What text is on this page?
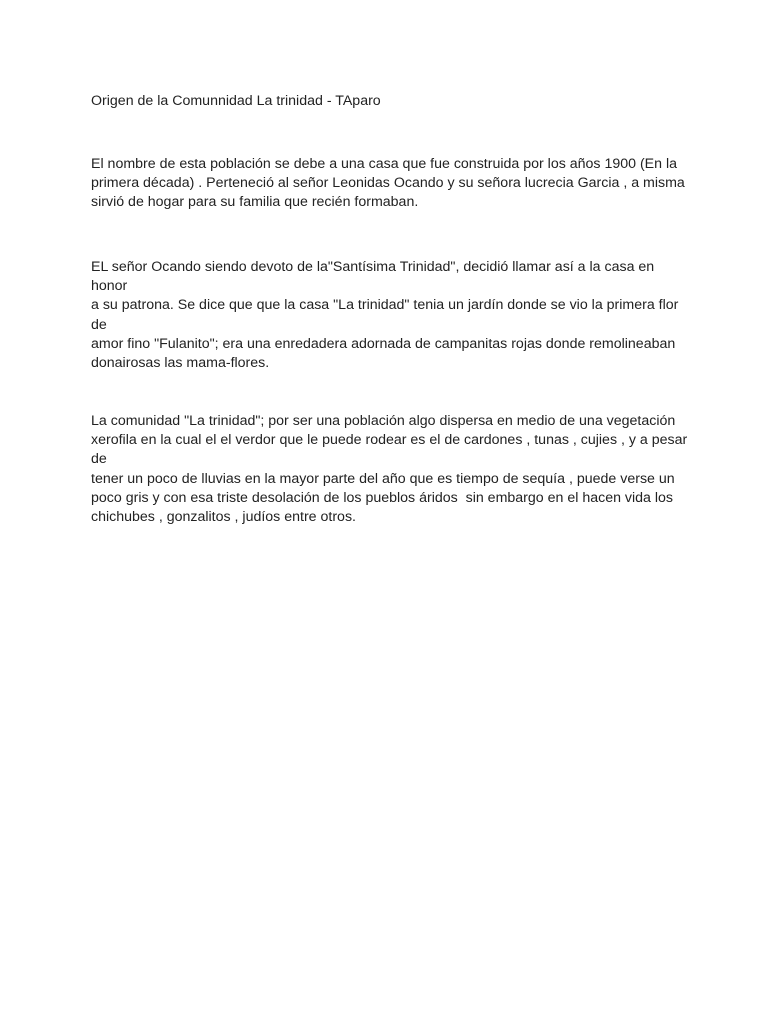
Origen de la Comunnidad La trinidad - TAparo

El nombre de esta población se debe a una casa que fue construida por los años 1900 (En la
primera década) . Perteneció al señor Leonidas Ocando y su señora lucrecia Garcia , a misma
sirvió de hogar para su familia que recién formaban.

EL señor Ocando siendo devoto de la"Santísima Trinidad", decidió llamar así a la casa en honor
a su patrona. Se dice que que la casa "La trinidad" tenia un jardín donde se vio la primera flor de
amor fino "Fulanito"; era una enredadera adornada de campanitas rojas donde remolineaban
donairosas las mama-flores.

La comunidad "La trinidad"; por ser una población algo dispersa en medio de una vegetación
xerofila en la cual el el verdor que le puede rodear es el de cardones , tunas , cujies , y a pesar de
tener un poco de lluvias en la mayor parte del año que es tiempo de sequía , puede verse un
poco gris y con esa triste desolación de los pueblos áridos  sin embargo en el hacen vida los
chichubes , gonzalitos , judíos entre otros.
